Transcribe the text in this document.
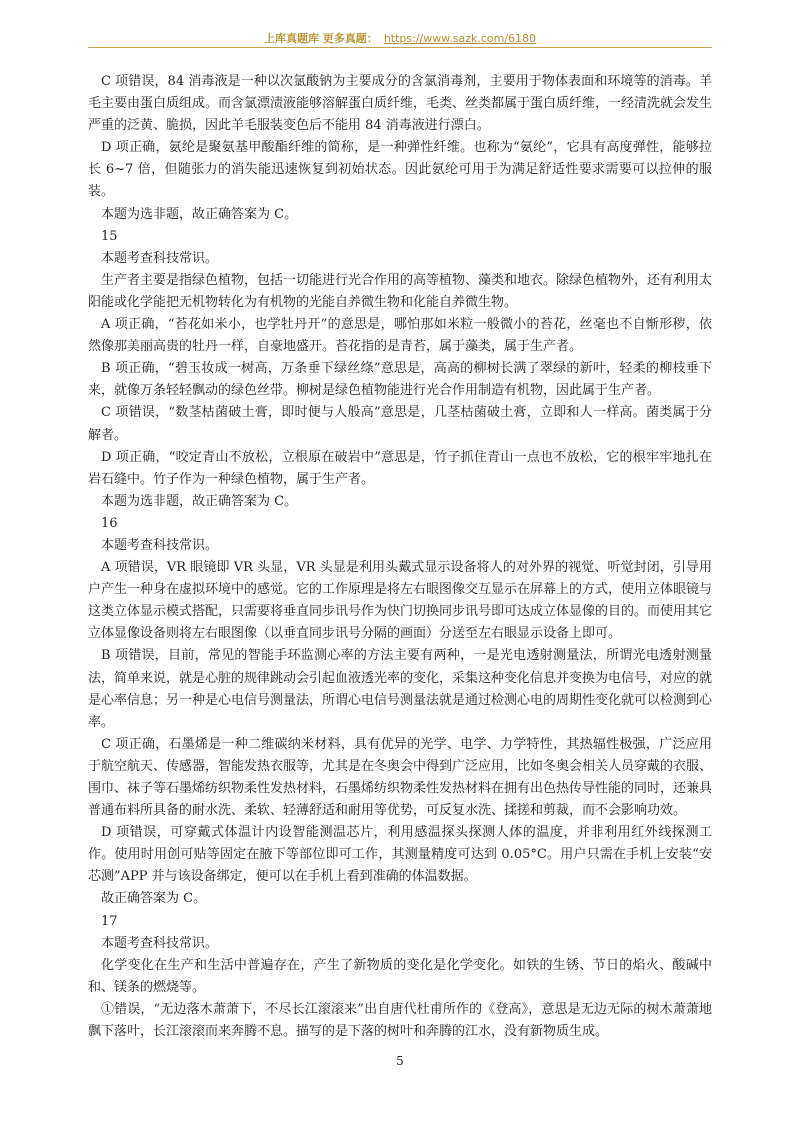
上库真题库 更多真题： https://www.sazk.com/6180

C 项错误，84 消毒液是一种以次氯酸钠为主要成分的含氯消毒剂，主要用于物体表面和环境等的消毒。羊毛主要由蛋白质组成。而含氯漂渍液能够溶解蛋白质纤维，毛类、丝类都属于蛋白质纤维，一经清洗就会发生严重的泛黄、脆损，因此羊毛服装变色后不能用 84 消毒液进行漂白。

D 项正确，氨纶是聚氨基甲酸酯纤维的简称，是一种弹性纤维。也称为“氨纶”，它具有高度弹性，能够拉长 6~7 倍，但随张力的消失能迅速恢复到初始状态。因此氨纶可用于为满足舒适性要求需要可以拉伸的服装。

本题为选非题，故正确答案为 C。

15

本题考查科技常识。

生产者主要是指绿色植物，包括一切能进行光合作用的高等植物、藻类和地衣。除绿色植物外，还有利用太阳能或化学能把无机物转化为有机物的光能自养微生物和化能自养微生物。

A 项正确，“苔花如米小，也学牡丹开”的意思是，哪怕那如米粒一般微小的苔花，丝毫也不自惭形秽，依然像那美丽高贵的牡丹一样，自豪地盛开。苔花指的是青苔，属于藻类，属于生产者。

B 项正确，“碧玉妆成一树高，万条垂下绿丝绦”意思是，高高的柳树长满了翠绿的新叶，轻柔的柳枝垂下来，就像万条轻轻飘动的绿色丝带。柳树是绿色植物能进行光合作用制造有机物，因此属于生产者。

C 项错误，“数茎枯菌破土膏，即时便与人般高”意思是，几茎枯菌破土膏，立即和人一样高。菌类属于分解者。

D 项正确，“咬定青山不放松，立根原在破岩中”意思是，竹子抓住青山一点也不放松，它的根牢牢地扎在岩石缝中。竹子作为一种绿色植物，属于生产者。

本题为选非题，故正确答案为 C。

16

本题考查科技常识。

A 项错误，VR 眼镜即 VR 头显，VR 头显是利用头戴式显示设备将人的对外界的视觉、听觉封闭，引导用户产生一种身在虚拟环境中的感觉。它的工作原理是将左右眼图像交互显示在屏幕上的方式，使用立体眼镜与这类立体显示模式搭配，只需要将垂直同步讯号作为快门切换同步讯号即可达成立体显像的目的。而使用其它立体显像设备则将左右眼图像（以垂直同步讯号分隔的画面）分送至左右眼显示设备上即可。

B 项错误，目前，常见的智能手环监测心率的方法主要有两种，一是光电透射测量法，所谓光电透射测量法，简单来说，就是心脏的规律跳动会引起血液透光率的变化，采集这种变化信息并变换为电信号，对应的就是心率信息；另一种是心电信号测量法，所谓心电信号测量法就是通过检测心电的周期性变化就可以检测到心率。

C 项正确，石墨烯是一种二维碳纳米材料，具有优异的光学、电学、力学特性，其热辐性极强，广泛应用于航空航天、传感器，智能发热衣服等，尤其是在冬奥会中得到广泛应用，比如冬奥会相关人员穿戴的衣服、围巾、袜子等石墨烯纺织物柔性发热材料，石墨烯纺织物柔性发热材料在拥有出色热传导性能的同时，还兼具普通布料所具备的耐水洗、柔软、轻薄舒适和耐用等优势，可反复水洗、揉搓和剪裁，而不会影响功效。

D 项错误，可穿戴式体温计内设智能测温芯片，利用感温探头探测人体的温度，并非利用红外线探测工作。使用时用创可贴等固定在腋下等部位即可工作，其测量精度可达到 0.05°C。用户只需在手机上安装“安芯测”APP 并与该设备绑定，便可以在手机上看到准确的体温数据。

故正确答案为 C。

17

本题考查科技常识。

化学变化在生产和生活中普遍存在，产生了新物质的变化是化学变化。如铁的生锈、节日的焰火、酸碱中和、镁条的燃烧等。

①错误，“无边落木萧萧下，不尽长江滚滚来”出自唐代杜甫所作的《登高》，意思是无边无际的树木萧萧地飘下落叶，长江滚滚而来奔腾不息。描写的是下落的树叶和奔腾的江水，没有新物质生成。

5
